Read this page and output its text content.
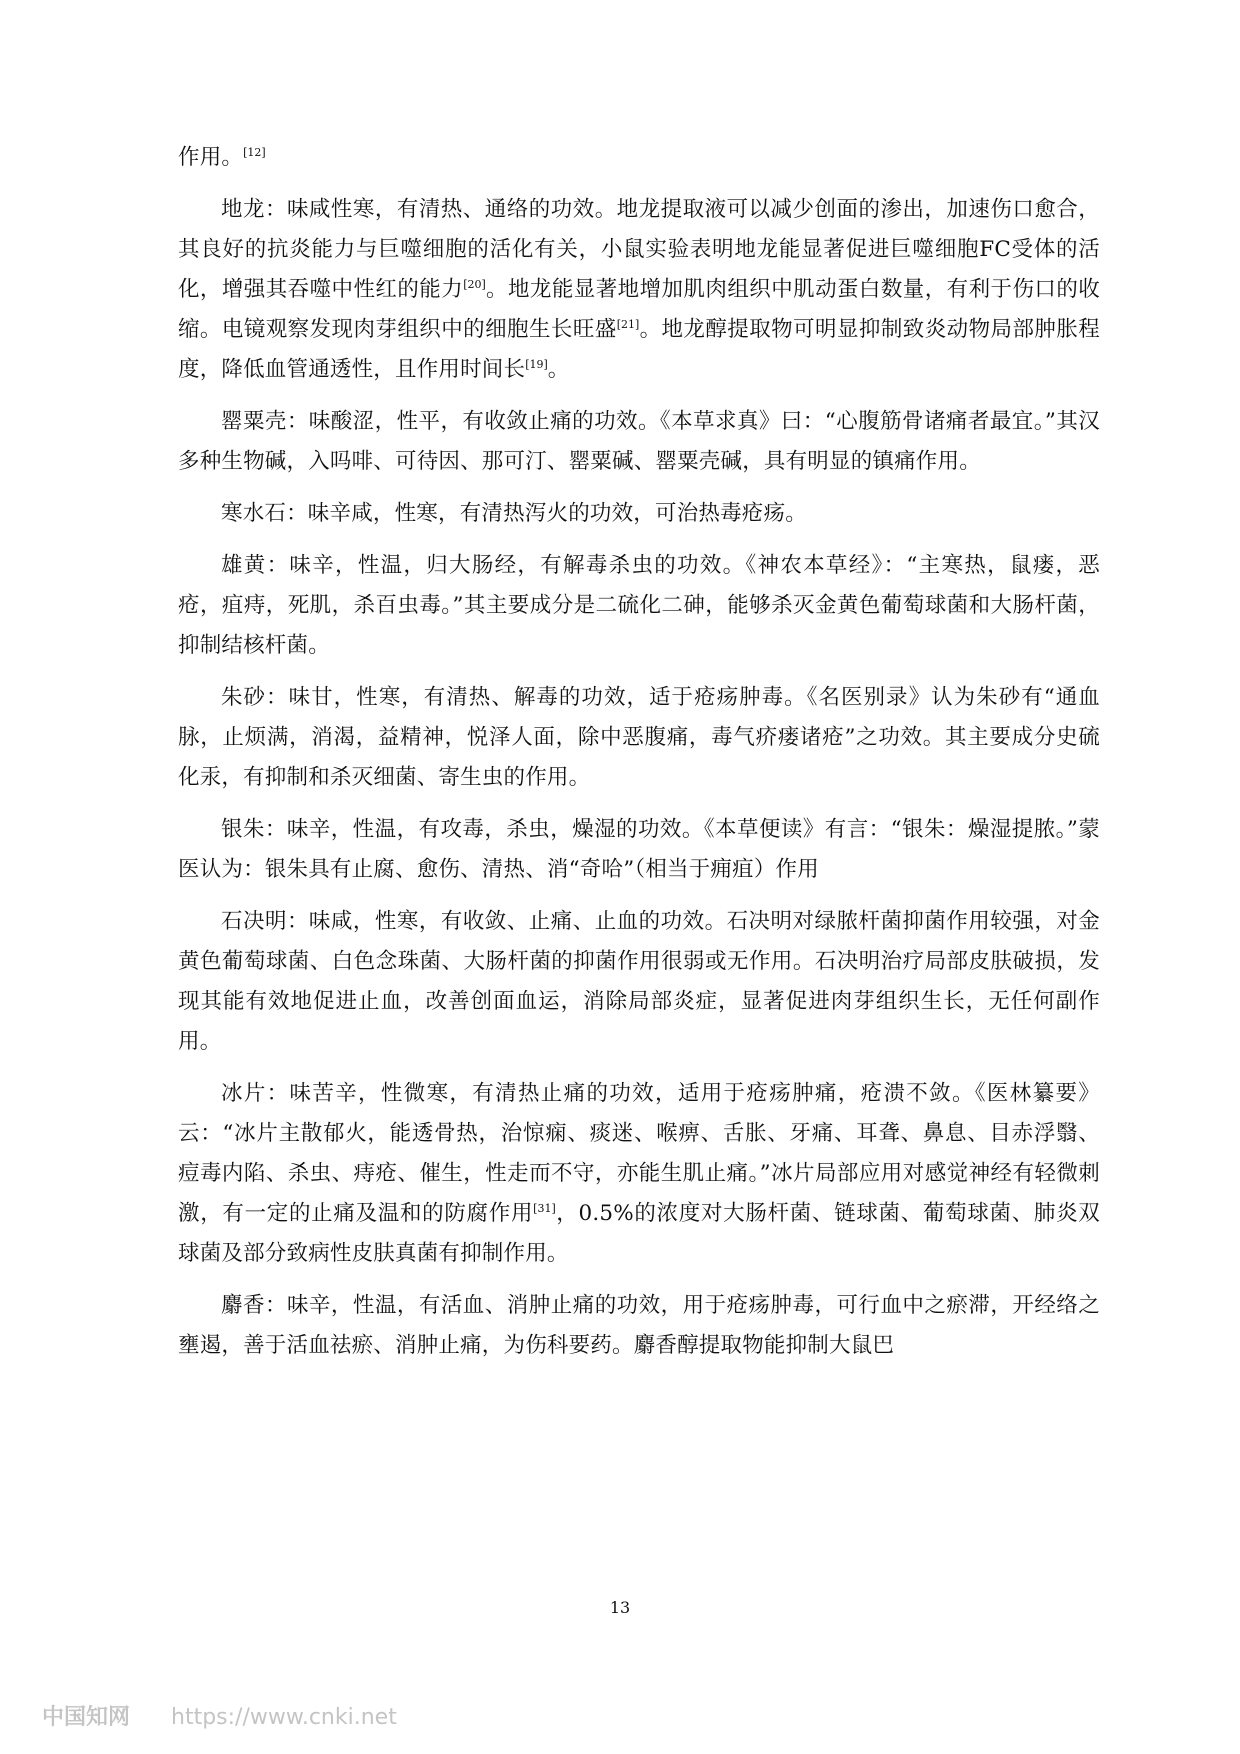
作用。[12]

地龙：味咸性寒，有清热、通络的功效。地龙提取液可以减少创面的渗出，加速伤口愈合，其良好的抗炎能力与巨噬细胞的活化有关，小鼠实验表明地龙能显著促进巨噬细胞FC受体的活化，增强其吞噬中性红的能力[20]。地龙能显著地增加肌肉组织中肌动蛋白数量，有利于伤口的收缩。电镜观察发现肉芽组织中的细胞生长旺盛[21]。地龙醇提取物可明显抑制致炎动物局部肿胀程度，降低血管通透性，且作用时间长[19]。

罂粟壳：味酸涩，性平，有收敛止痛的功效。《本草求真》曰：“心腹筋骨诸痛者最宜。”其汉多种生物碱，入吗啡、可待因、那可汀、罂粟碱、罂粟壳碱，具有明显的镇痛作用。

寒水石：味辛咸，性寒，有清热泻火的功效，可治热毒疮疡。

雄黄：味辛，性温，归大肠经，有解毒杀虫的功效。《神农本草经》：“主寒热，鼠瘘，恶疮，疽痔，死肌，杀百虫毒。”其主要成分是二硫化二砷，能够杀灭金黄色葡萄球菌和大肠杆菌，抑制结核杆菌。

朱砂：味甘，性寒，有清热、解毒的功效，适于疮疡肿毒。《名医别录》认为朱砂有“通血脉，止烦满，消渴，益精神，悦泽人面，除中恶腹痛，毒气疥瘘诸疮”之功效。其主要成分史硫化汞，有抑制和杀灭细菌、寄生虫的作用。

银朱：味辛，性温，有攻毒，杀虫，燥湿的功效。《本草便读》有言：“银朱：燥湿提脓。”蒙医认为：银朱具有止腐、愈伤、清热、消“奇哈”（相当于痈疽）作用

石决明：味咸，性寒，有收敛、止痛、止血的功效。石决明对绿脓杆菌抑菌作用较强，对金黄色葡萄球菌、白色念珠菌、大肠杆菌的抑菌作用很弱或无作用。石决明治疗局部皮肤破损，发现其能有效地促进止血，改善创面血运，消除局部炎症，显著促进肉芽组织生长，无任何副作用。

冰片：味苦辛，性微寒，有清热止痛的功效，适用于疮疡肿痛，疮溃不敛。《医林纂要》云：“冰片主散郁火，能透骨热，治惊痫、痰迷、喉痹、舌胀、牙痛、耳聋、鼻息、目赤浮翳、痘毒内陷、杀虫、痔疮、催生，性走而不守，亦能生肌止痛。”冰片局部应用对感觉神经有轻微刺激，有一定的止痛及温和的防腐作用[31]，0.5%的浓度对大肠杆菌、链球菌、葡萄球菌、肺炎双球菌及部分致病性皮肤真菌有抑制作用。

麝香：味辛，性温，有活血、消肿止痛的功效，用于疮疡肿毒，可行血中之瘀滞，开经络之壅遏，善于活血祛瘀、消肿止痛，为伤科要药。麝香醇提取物能抑制大鼠巴

13
中国知网 https://www.cnki.net
